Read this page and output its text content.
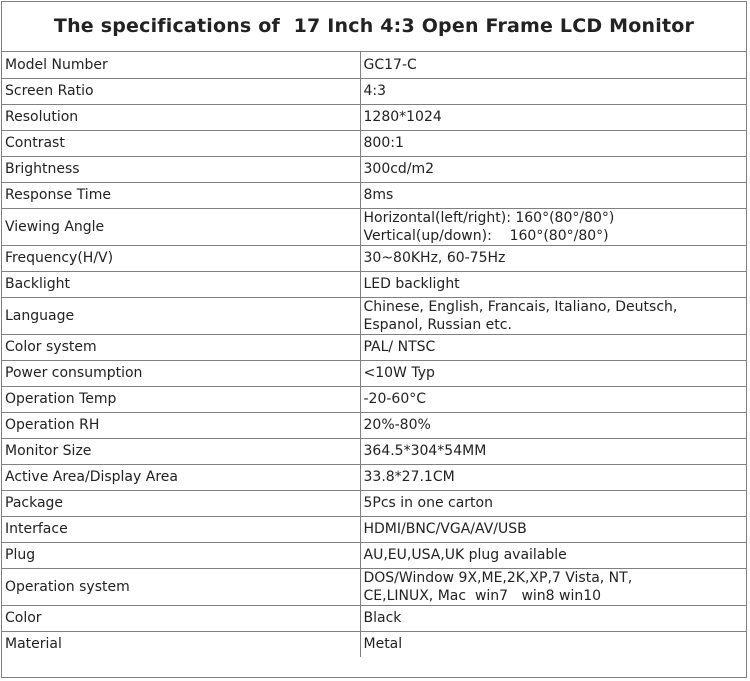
The specifications of  17 Inch 4:3 Open Frame LCD Monitor
Model Number	GC17-C
Screen Ratio	4:3
Resolution	1280*1024
Contrast	800:1
Brightness	300cd/m2
Response Time	8ms
Viewing Angle	Horizontal(left/right): 160°(80°/80°)
Vertical(up/down):    160°(80°/80°)

Frequency(H/V)	30~80KHz, 60-75Hz
Backlight	LED backlight
Language	Chinese, English, Francais, Italiano, Deutsch,
Espanol, Russian etc.

Color system	PAL/ NTSC
Power consumption	<10W Typ
Operation Temp	-20-60°C
Operation RH	20%-80%
Monitor Size	364.5*304*54MM
Active Area/Display Area	33.8*27.1CM
Package	5Pcs in one carton
Interface	HDMI/BNC/VGA/AV/USB
Plug	AU,EU,USA,UK plug available
Operation system	DOS/Window 9X,ME,2K,XP,7 Vista, NT,
CE,LINUX, Mac  win7   win8 win10

Color	Black
Material	Metal
